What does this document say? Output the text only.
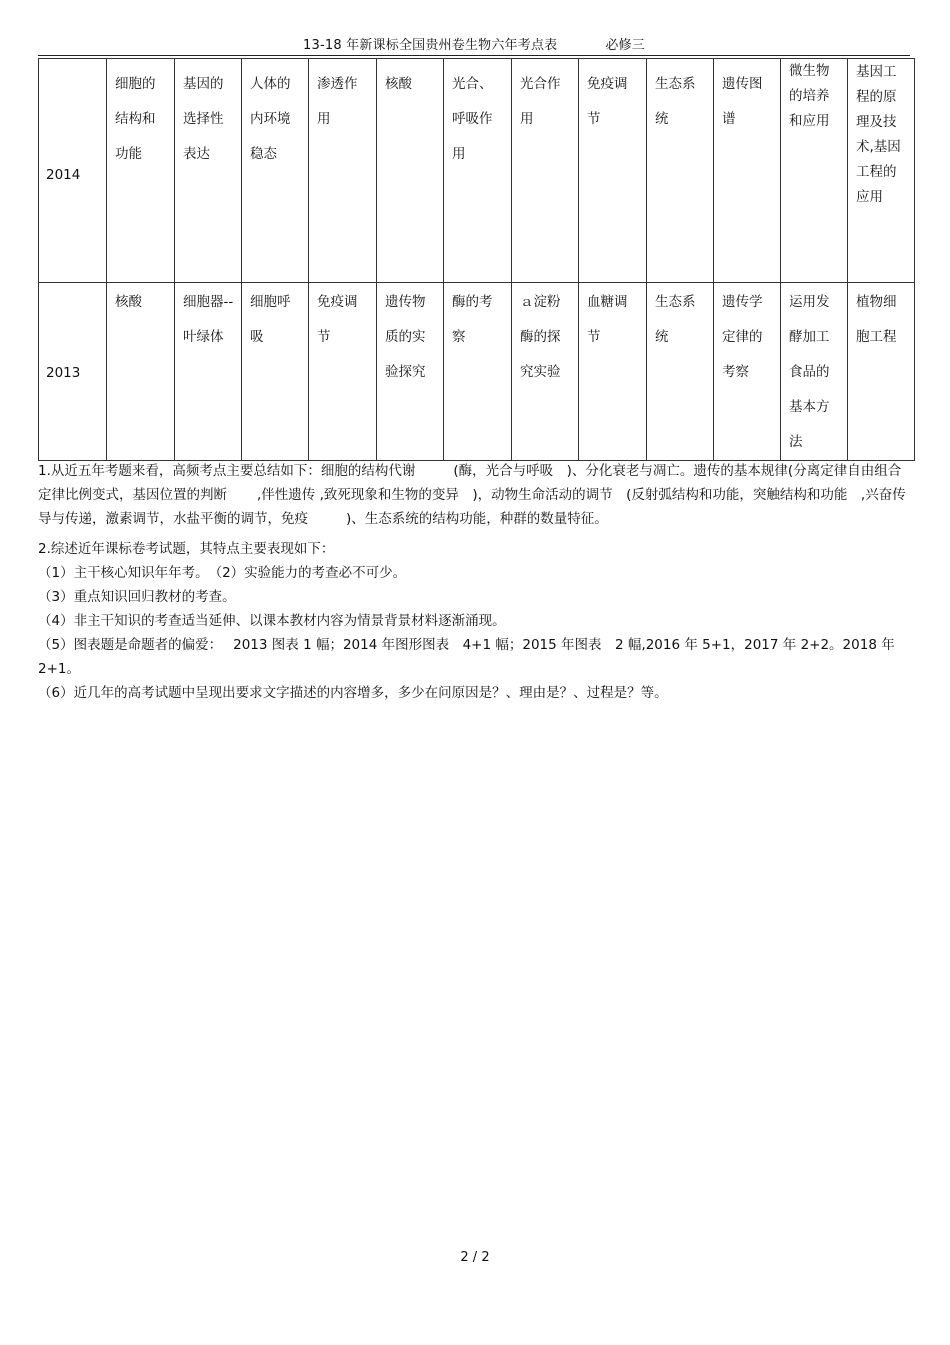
13-18 年新课标全国贵州卷生物六年考点表	必修三
2014	细胞的结构和功能	基因的选择性表达	人体的内环境稳态	渗透作用	核酸	光合、呼吸作用	光合作用	免疫调节	生态系统	遗传图谱	微生物的培养和应用	基因工程的原理及技术,基因工程的应用
2013	核酸	细胞器-- 叶绿体	细胞呼吸	免疫调节	遗传物质的实验探究	酶的考察	ａ淀粉酶的探究实验	血糖调节	生态系统	遗传学定律的考察	运用发酵加工食品的基本方法	植物细胞工程

1.从近五年考题来看，高频考点主要总结如下：细胞的结构代谢	(酶，光合与呼吸　)、分化衰老与凋亡。遗传的基本规律(分离定律自由组合定律比例变式，基因位置的判断 ,伴性遗传 ,致死现象和生物的变异　)，动物生命活动的调节　(反射弧结构和功能，突触结构和功能　,兴奋传导与传递，激素调节，水盐平衡的调节，免疫	)、生态系统的结构功能，种群的数量特征。

2.综述近年课标卷考试题，其特点主要表现如下：

（1）主干核心知识年年考。　（2）实验能力的考查必不可少。

（3）重点知识回归教材的考查。

（4）非主干知识的考查适当延伸、以课本教材内容为情景背景材料逐渐涌现。

（5）图表题是命题者的偏爱：　 2013 图表 1 幅；2014 年图形图表　4+1 幅；2015 年图表　2 幅,2016 年 5+1，2017 年 2+2。2018 年 2+1。

（6）近几年的高考试题中呈现出要求文字描述的内容增多，多少在问原因是？、理由是？、过程是？等。

2 / 2
